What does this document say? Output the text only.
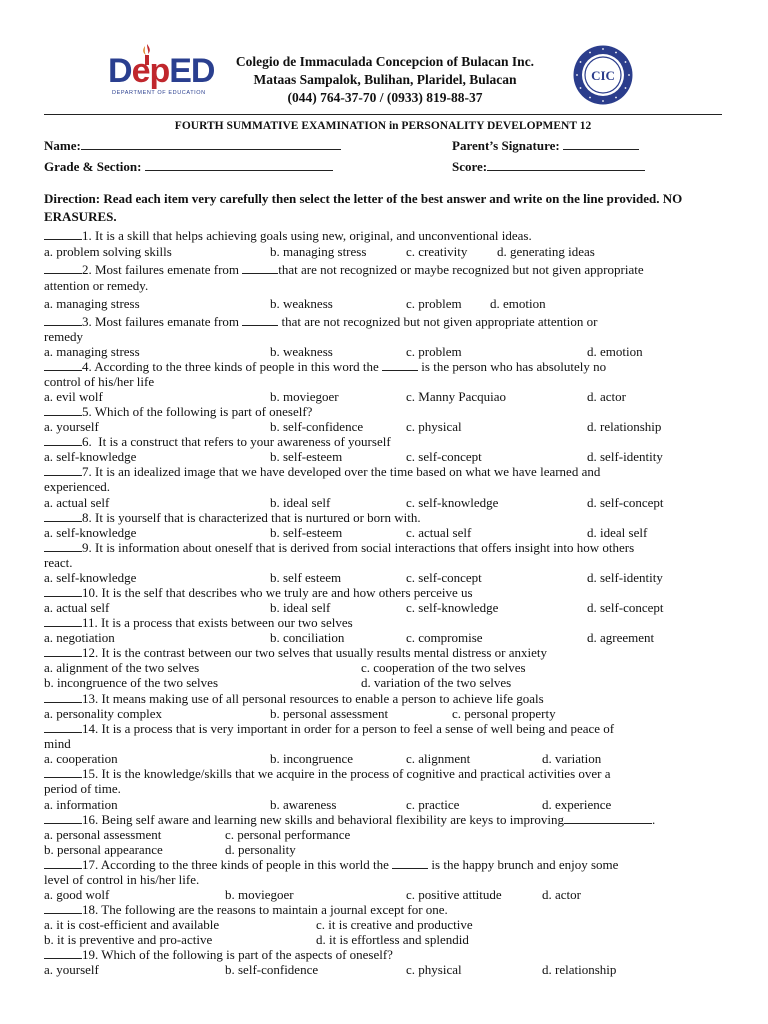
DepED
DEPARTMENT OF EDUCATION
CIC
Colegio de Immaculada Concepcion of Bulacan Inc.
Mataas Sampalok, Bulihan, Plaridel, Bulacan
(044) 764-37-70 / (0933) 819-88-37
FOURTH SUMMATIVE EXAMINATION in PERSONALITY DEVELOPMENT 12
Name:	Parent’s Signature:
Grade & Section:	Score:
Direction: Read each item very carefully then select the letter of the best answer and write on the line provided. NO ERASURES.
1. It is a skill that helps achieving goals using new, original, and unconventional ideas.
a. problem solving skills	b. managing stress	c. creativity d. generating ideas
2. Most failures emenate from	that are not recognized or maybe recognized but not given appropriate
attention or remedy.
a. managing stress	b. weakness	c. problem d. emotion
3. Most failures emanate from	that are not recognized but not given appropriate attention or
remedy
a. managing stress	b. weakness	c. problem	d. emotion
4. According to the three kinds of people in this word the	is the person who has absolutely no
control of his/her life
a. evil wolf	b. moviegoer	c. Manny Pacquiao	d. actor
5. Which of the following is part of oneself?
a. yourself	b. self-confidence	c. physical	d. relationship
6. It is a construct that refers to your awareness of yourself
a. self-knowledge	b. self-esteem	c. self-concept	d. self-identity
7. It is an idealized image that we have developed over the time based on what we have learned and
experienced.
a. actual self	b. ideal self	c. self-knowledge	d. self-concept
8. It is yourself that is characterized that is nurtured or born with.
a. self-knowledge	b. self-esteem	c. actual self	d. ideal self
9. It is information about oneself that is derived from social interactions that offers insight into how others
react.
a. self-knowledge	b. self esteem	c. self-concept	d. self-identity
10. It is the self that describes who we truly are and how others perceive us
a. actual self	b. ideal self	c. self-knowledge	d. self-concept
11. It is a process that exists between our two selves
a. negotiation	b. conciliation	c. compromise	d. agreement
12. It is the contrast between our two selves that usually results mental distress or anxiety
a. alignment of the two selves	c. cooperation of the two selves
b. incongruence of the two selves	d. variation of the two selves
13. It means making use of all personal resources to enable a person to achieve life goals
a. personality complex	b. personal assessment	c. personal property
14. It is a process that is very important in order for a person to feel a sense of well being and peace of
mind
a. cooperation	b. incongruence	c. alignment	d. variation
15. It is the knowledge/skills that we acquire in the process of cognitive and practical activities over a
period of time.
a. information	b. awareness	c. practice	d. experience
16. Being self aware and learning new skills and behavioral flexibility are keys to improving	.
a. personal assessment	c. personal performance
b. personal appearance	d. personality
17. According to the three kinds of people in this world the	is the happy brunch and enjoy some
level of control in his/her life.
a. good wolf	b. moviegoer	c. positive attitude	d. actor
18. The following are the reasons to maintain a journal except for one.
a. it is cost-efficient and available	c. it is creative and productive
b. it is preventive and pro-active	d. it is effortless and splendid
19. Which of the following is part of the aspects of oneself?
a. yourself	b. self-confidence	c. physical	d. relationship
